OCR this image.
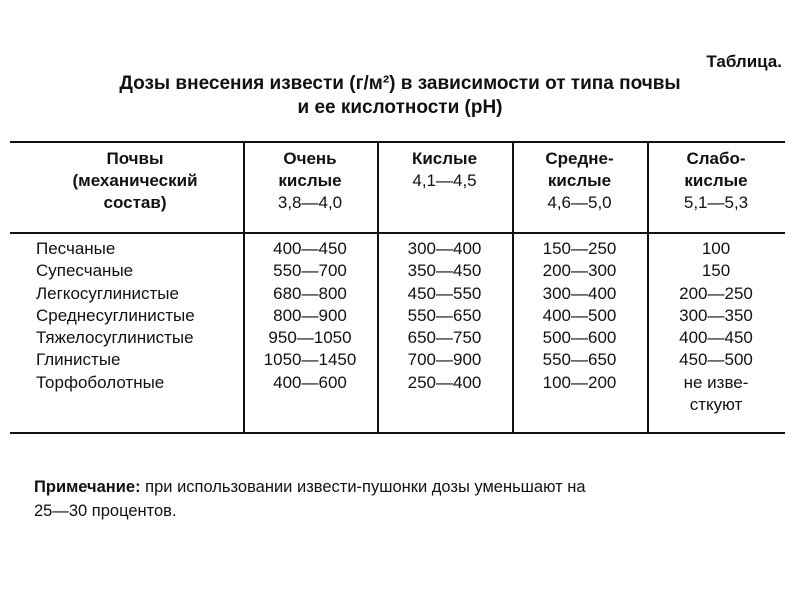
Таблица.
Дозы внесения извести (г/м²) в зависимости от типа почвы
и ее кислотности (pH)
Почвы
(механический
состав)
Очень
кислые
3,8—4,0
Кислые
4,1—4,5
Средне-
кислые
4,6—5,0
Слабо-
кислые
5,1—5,3
Песчаные
Супесчаные
Легкосуглинистые
Среднесуглинистые
Тяжелосуглинистые
Глинистые
Торфоболотные
400—450
550—700
680—800
800—900
950—1050
1050—1450
400—600
300—400
350—450
450—550
550—650
650—750
700—900
250—400
150—250
200—300
300—400
400—500
500—600
550—650
100—200
100
150
200—250
300—350
400—450
450—500
не изве-
сткуют
Примечание: при использовании извести-пушонки дозы уменьшают на
25—30 процентов.
